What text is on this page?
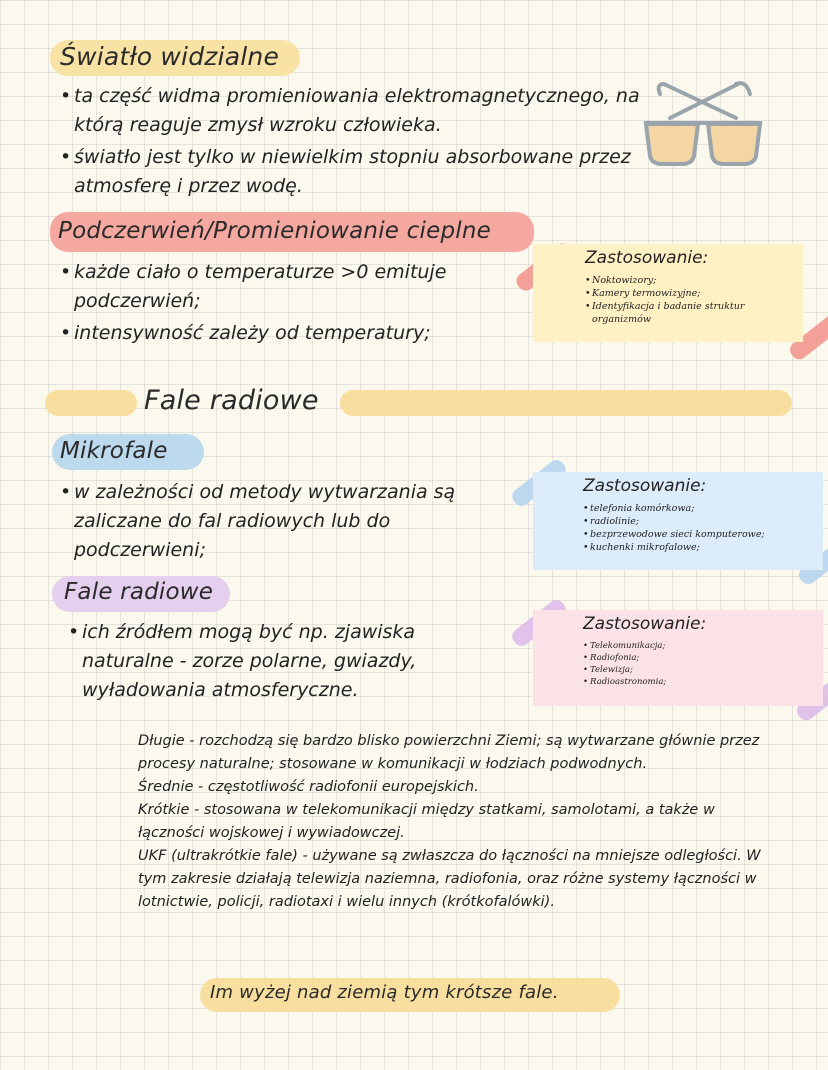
Światło widzialne
• ta część widma promieniowania elektromagnetycznego, na którą reaguje zmysł wzroku człowieka.
• światło jest tylko w niewielkim stopniu absorbowane przez atmosferę i przez wodę.
Podczerwień/Promieniowanie cieplne
• każde ciało o temperaturze >0 emituje podczerwień;
• intensywność zależy od temperatury;

Zastosowanie:

• Noktowizory;
• Kamery termowizyjne;
• Identyfikacja i badanie struktur organizmów
Fale radiowe
Mikrofale
• w zależności od metody wytwarzania są zaliczane do fal radiowych lub do podczerwieni;

Zastosowanie:

• telefonia komórkowa;
• radiolinie;
• bezprzewodowe sieci komputerowe;
• kuchenki mikrofalowe;
Fale radiowe
• ich źródłem mogą być np. zjawiska naturalne - zorze polarne, gwiazdy, wyładowania atmosferyczne.

Zastosowanie:

• Telekomunikacja;
• Radiofonia;
• Telewizja;
• Radioastronomia;

Długie - rozchodzą się bardzo blisko powierzchni Ziemi; są wytwarzane głównie przez procesy naturalne; stosowane w komunikacji w łodziach podwodnych.

Średnie - częstotliwość radiofonii europejskich.

Krótkie - stosowana w telekomunikacji między statkami, samolotami, a także w łączności wojskowej i wywiadowczej.

UKF (ultrakrótkie fale) - używane są zwłaszcza do łączności na mniejsze odległości. W tym zakresie działają telewizja naziemna, radiofonia, oraz różne systemy łączności w lotnictwie, policji, radiotaxi i wielu innych (krótkofalówki).

Im wyżej nad ziemią tym krótsze fale.
